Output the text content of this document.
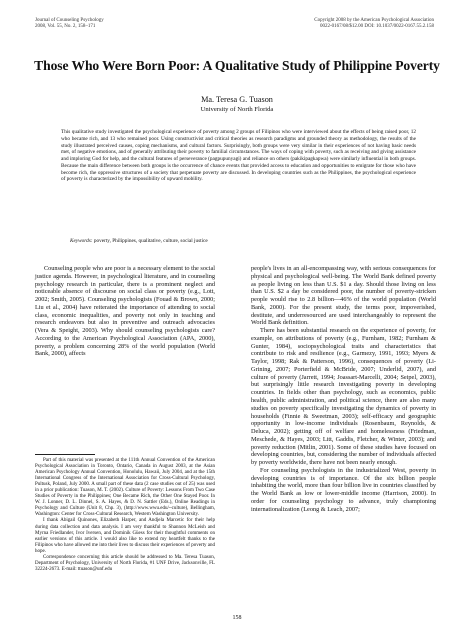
Journal of Counseling Psychology
2008, Vol. 55, No. 2, 158–171
Copyright 2008 by the American Psychological Association
0022-0167/08/$12.00 DOI: 10.1037/0022-0167.55.2.158
Those Who Were Born Poor: A Qualitative Study of Philippine Poverty
Ma. Teresa G. Tuason
University of North Florida

This qualitative study investigated the psychological experience of poverty among 2 groups of Filipinos who were interviewed about the effects of being raised poor, 12 who became rich, and 13 who remained poor. Using constructivist and critical theories as research paradigms and grounded theory as methodology, the results of the study illustrated perceived causes, coping mechanisms, and cultural factors. Surprisingly, both groups were very similar in their experiences of not having basic needs met, of negative emotions, and of generally attributing their poverty to familial circumstances. The ways of coping with poverty, such as receiving and giving assistance and imploring God for help, and the cultural features of perseverance (pagpupunyagi) and reliance on others (pakikipagkapwa) were similarly influential in both groups. Because the main difference between both groups is the occurrence of chance events that provided access to education and opportunities to emigrate for those who have become rich, the oppressive structures of a society that perpetuate poverty are discussed. In developing countries such as the Philippines, the psychological experience of poverty is characterized by the impossibility of upward mobility.

Keywords: poverty, Philippines, qualitative, culture, social justice

Counseling people who are poor is a necessary element to the social justice agenda. However, in psychological literature, and in counseling psychology research in particular, there is a prominent neglect and noticeable absence of discourse on social class or poverty (e.g., Lott, 2002; Smith, 2005). Counseling psychologists (Fouad & Brown, 2000; Liu et al., 2004) have reiterated the importance of attending to social class, economic inequalities, and poverty not only in teaching and research endeavors but also in preventive and outreach advocacies (Vera & Speight, 2003). Why should counseling psychologists care? According to the American Psychological Association (APA, 2000), poverty, a problem concerning 28% of the world population (World Bank, 2000), affects

people's lives in an all-encompassing way, with serious consequences for physical and psychological well-being. The World Bank defined poverty as people living on less than U.S. $1 a day. Should those living on less than U.S. $2 a day be considered poor, the number of poverty-stricken people would rise to 2.8 billion—46% of the world population (World Bank, 2000). For the present study, the terms poor, impoverished, destitute, and underresourced are used interchangeably to represent the World Bank definition.

There has been substantial research on the experience of poverty, for example, on attributions of poverty (e.g., Furnham, 1982; Furnham & Gunter, 1984), sociopsychological traits and characteristics that contribute to risk and resilience (e.g., Garmezy, 1991, 1993; Myers & Taylor, 1998; Rak & Patterson, 1996), consequences of poverty (Li-Grining, 2007; Porterfield & McBride, 2007; Underlid, 2007), and culture of poverty (Jarrett, 1994; Joassart-Marcelli, 2004; Seipel, 2003), but surprisingly little research investigating poverty in developing countries. In fields other than psychology, such as economics, public health, public administration, and political science, there are also many studies on poverty specifically investigating the dynamics of poverty in households (Finnie & Sweetman, 2003); self-efficacy and geographic opportunity in low-income individuals (Rosenbaum, Reynolds, & Deluca, 2002); getting off of welfare and homelessness (Friedman, Meschede, & Hayes, 2003; Litt, Gaddis, Fletcher, & Winter, 2003); and poverty reduction (Mitlin, 2001). Some of these studies have focused on developing countries, but, considering the number of individuals affected by poverty worldwide, there have not been nearly enough.

For counseling psychologists in the industrialized West, poverty in developing countries is of importance. Of the six billion people inhabiting the world, more than four billion live in countries classified by the World Bank as low or lower-middle income (Harrison, 2000). In order for counseling psychology to advance, truly championing internationalization (Leong & Leach, 2007;

Part of this material was presented at the 111th Annual Convention of the American Psychological Association in Toronto, Ontario, Canada in August 2003, at the Asian American Psychology Annual Convention, Honolulu, Hawaii, July 2004, and at the 15th International Congress of the International Association for Cross-Cultural Psychology, Pultusk, Poland, July 2000. A small part of these data (2 case studies out of 25) was used in a prior publication: Tuason, M. T. (2002). Culture of Poverty: Lessons From Two Case Studies of Poverty in the Philippines; One Became Rich, the Other One Stayed Poor. In W. J. Lonner, D. L. Dinnel, S. A. Hayes, & D. N. Sattler (Eds.), Online Readings in Psychology and Culture (Unit 8, Chp. 3), (http://www.wwu.edu/~culture), Bellingham, Washington: Center for Cross-Cultural Research, Western Washington University.

I thank Abigail Quinones, Elizabeth Harper, and Andjela Marcetic for their help during data collection and data analysis. I am very thankful to Shannon McLeish and Myrna Friedlander, Ivor Iversen, and Dominik Güess for their thoughtful comments on earlier versions of this article. I would also like to extend my heartfelt thanks to the Filipinos who have allowed me into their lives to discuss their experiences of poverty and hope.

Correspondence concerning this article should be addressed to Ma. Teresa Tuason, Department of Psychology, University of North Florida, #1 UNF Drive, Jacksonville, FL 32224-2673. E-mail: ttuason@unf.edu

158
